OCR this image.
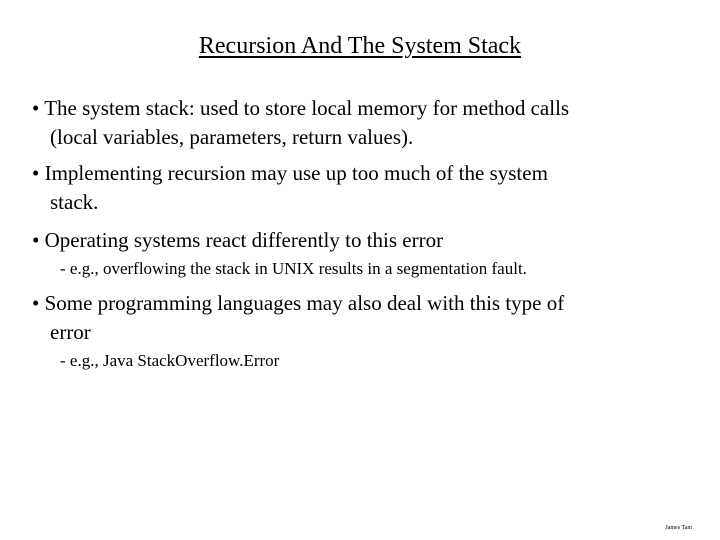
Recursion And The System Stack
• The system stack: used to store local memory for method calls
(local variables, parameters, return values).
• Implementing recursion may use up too much of the system
stack.
• Operating systems react differently to this error
- e.g., overflowing the stack in UNIX results in a segmentation fault.
• Some programming languages may also deal with this type of
error
- e.g., Java StackOverflow.Error
James Tam
